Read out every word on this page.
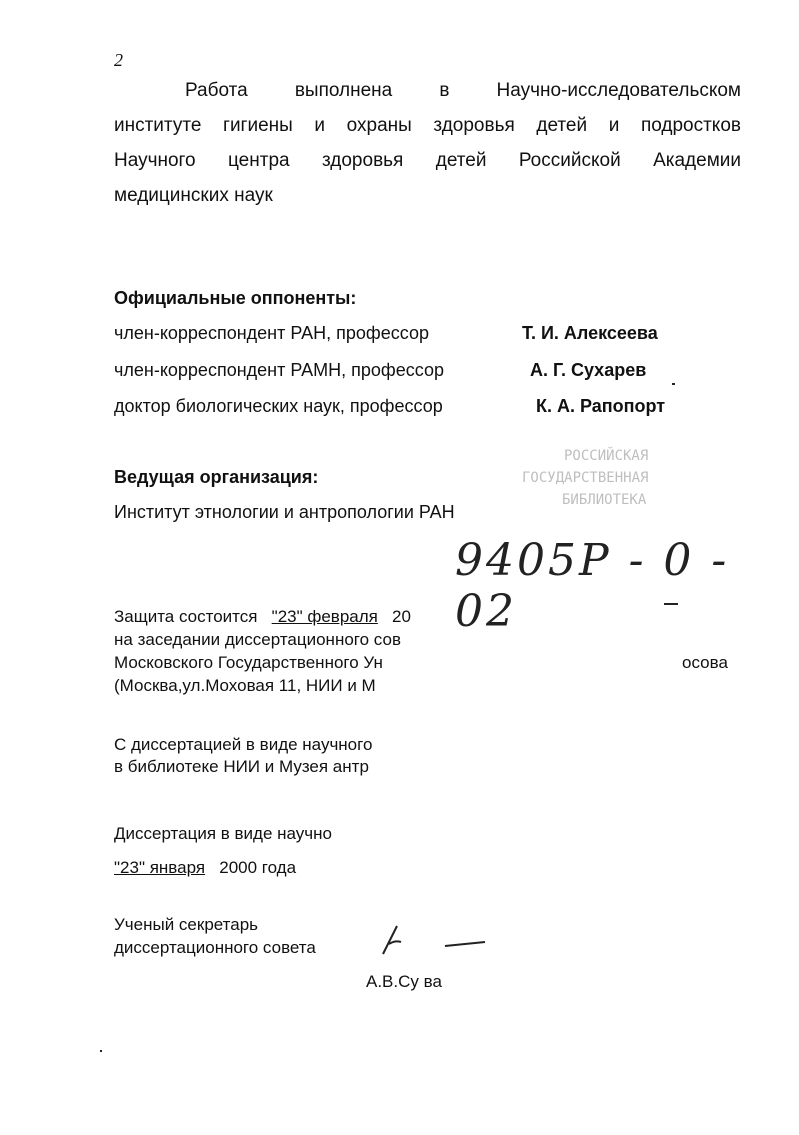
2
Работа выполнена в Научно-исследовательском
институте гигиены и охраны здоровья детей и подростков
Научного центра здоровья детей Российской Академии
медицинских наук
Официальные оппоненты:
член-корреспондент РАН, профессор	Т. И. Алексеева
член-корреспондент РАМН, профессор	А. Г. Сухарев
доктор биологических наук, профессор	К. А. Рапопорт
Ведущая организация:
Институт этнологии и антропологии РАН
РОССИЙСКАЯ
ГОСУДАРСТВЕННАЯ
БИБЛИОТЕКА
9405Р - 0 - 02
Защита состоится "23" февраля 20
на заседании диссертационного сов
Московского Государственного Ун	осова
(Москва,ул.Моховая 11, НИИ и М
С диссертацией в виде научного
в библиотеке НИИ и Музея антр
Диссертация в виде научно
"23" января 2000 года
Ученый секретарь
диссертационного совета
А.В.Су ва
